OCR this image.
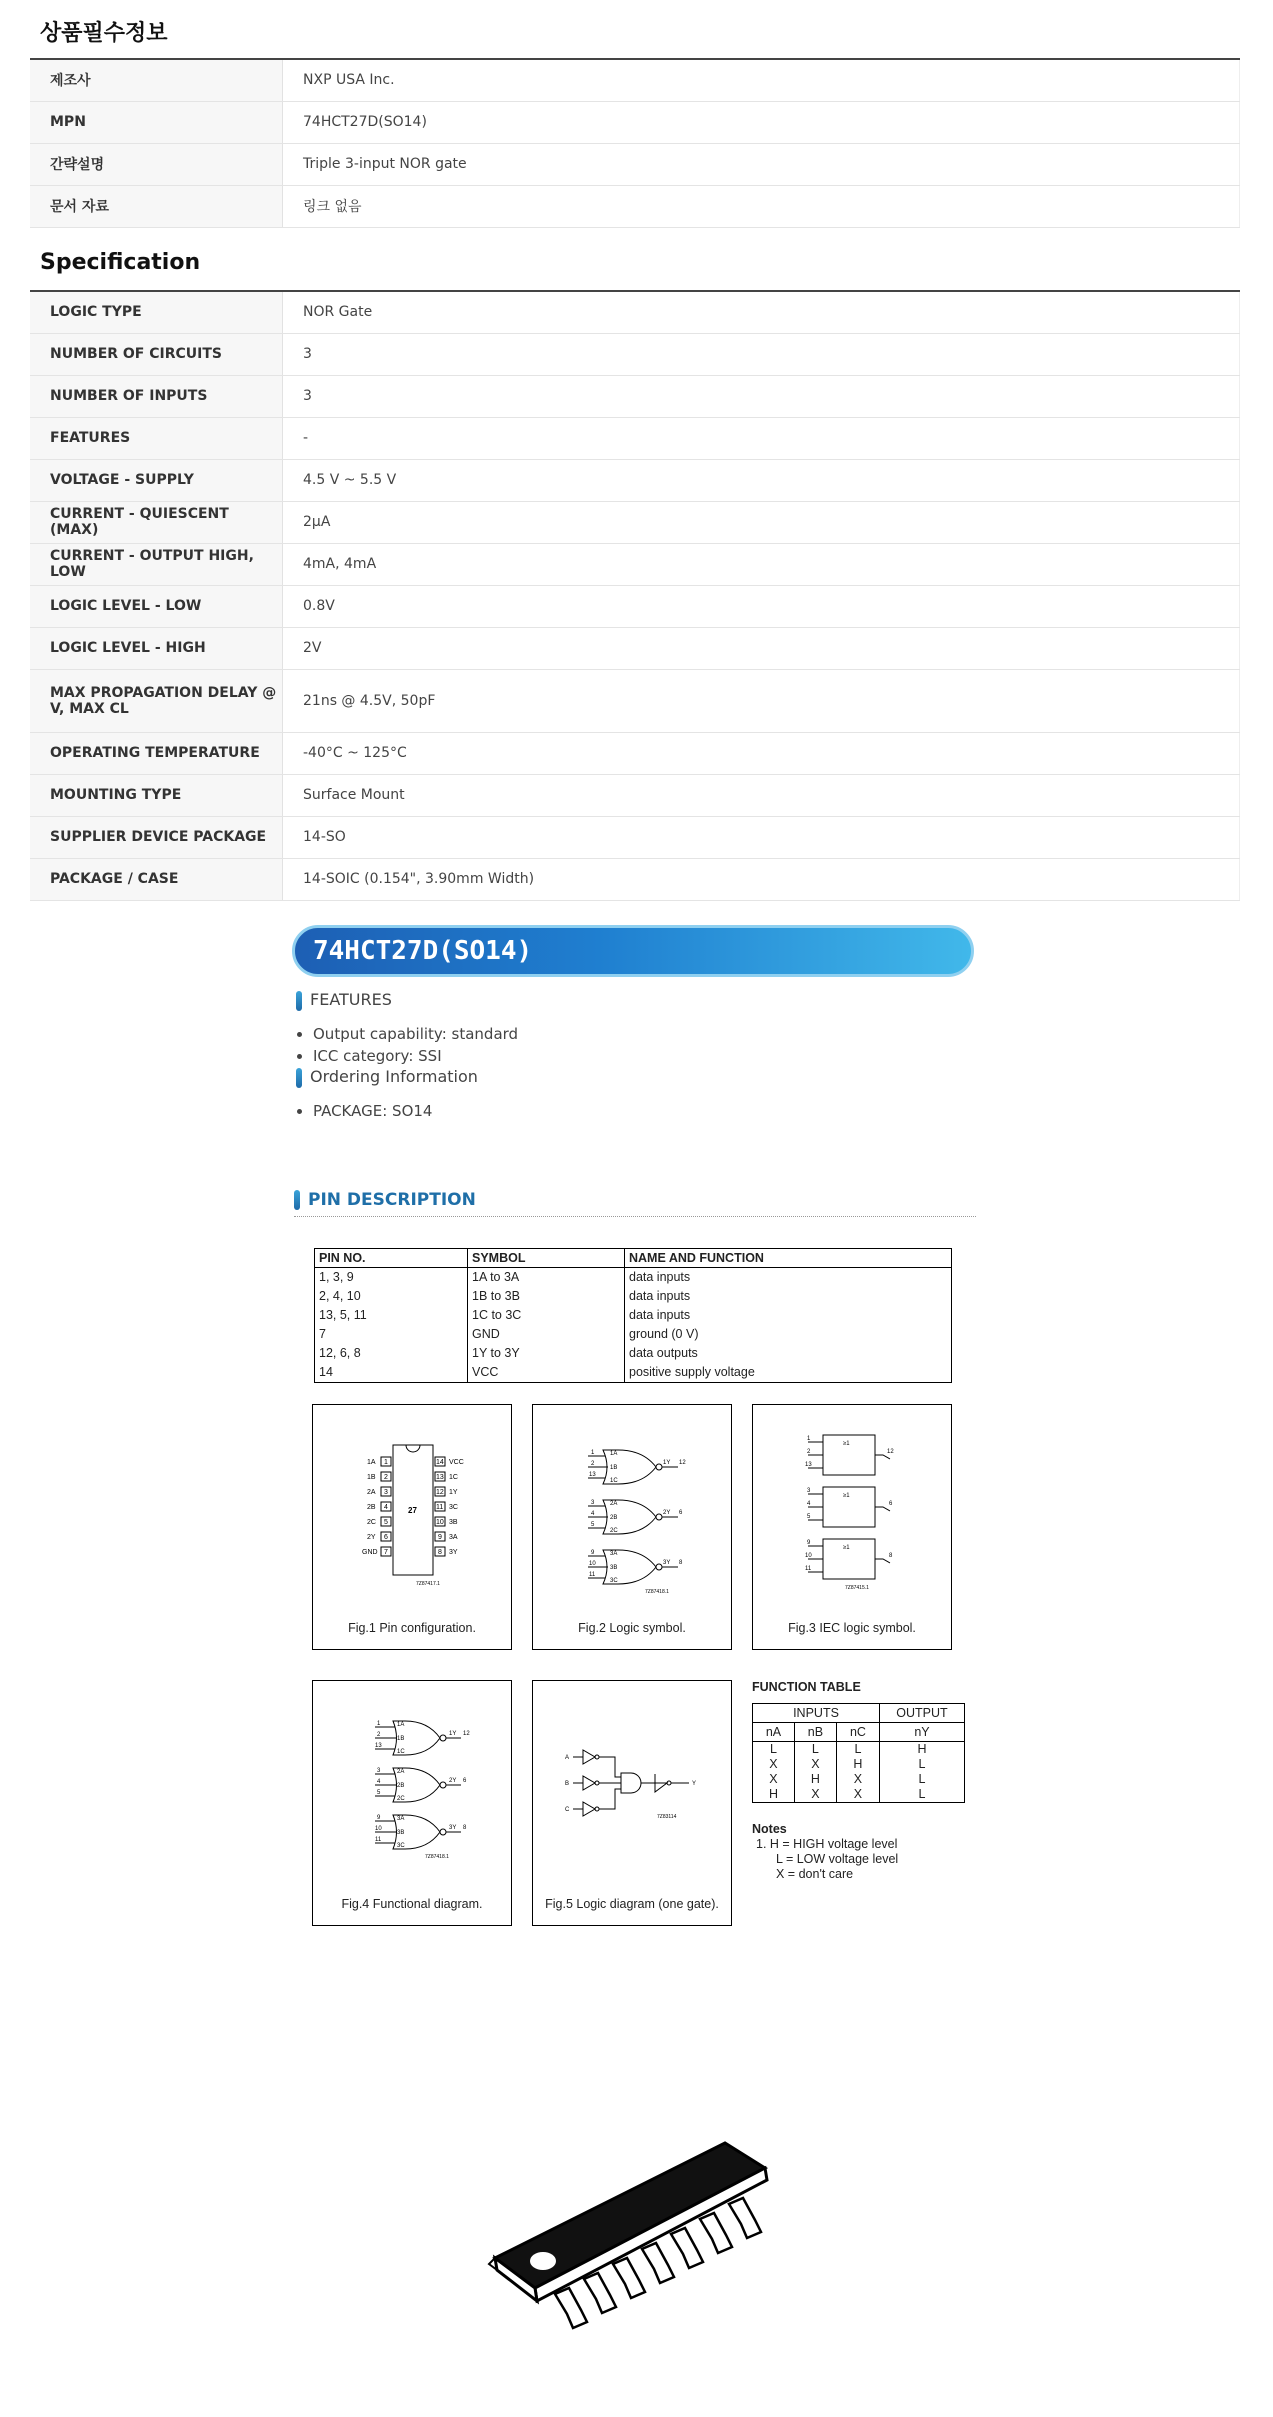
상품필수정보
제조사	NXP USA Inc.
MPN	74HCT27D(SO14)
간략설명	Triple 3-input NOR gate
문서 자료	링크 없음
Specification
LOGIC TYPE	NOR Gate
NUMBER OF CIRCUITS	3
NUMBER OF INPUTS	3
FEATURES	-
VOLTAGE - SUPPLY	4.5 V ~ 5.5 V
CURRENT - QUIESCENT (MAX)	2µA
CURRENT - OUTPUT HIGH, LOW	4mA, 4mA
LOGIC LEVEL - LOW	0.8V
LOGIC LEVEL - HIGH	2V
MAX PROPAGATION DELAY @ V, MAX CL	21ns @ 4.5V, 50pF
OPERATING TEMPERATURE	-40°C ~ 125°C
MOUNTING TYPE	Surface Mount
SUPPLIER DEVICE PACKAGE	14-SO
PACKAGE / CASE	14-SOIC (0.154", 3.90mm Width)
74HCT27D(SO14)
FEATURES
• Output capability: standard
• ICC category: SSI
Ordering Information
• PACKAGE: SO14
PIN DESCRIPTION
PIN NO.	SYMBOL	NAME AND FUNCTION
1, 3, 9	1A to 3A	data inputs
2, 4, 10	1B to 3B	data inputs
13, 5, 11	1C to 3C	data inputs
7	GND	ground (0 V)
12, 6, 8	1Y to 3Y	data outputs
14	VCC	positive supply voltage
1A
1B
2A
2B
2C
2Y
GND
1
2
3
4
5
6
7
14
13
12
11
10
9
8
VCC
1C
1Y
3C
3B
3A
3Y
27
7Z87417.1
Fig.1 Pin configuration.
1
2
13
3
4
5
9
10
11
1A
1B
1C
2A
2B
2C
3A
3B
3C
1Y 12
2Y 6
3Y 8
7Z87418.1
Fig.2 Logic symbol.
1
2
13
3
4
5
9
10
11
≥1
≥1
≥1
12
6
8
7Z87415.1
Fig.3 IEC logic symbol.
1
2
13
3
4
5
9
10
11
1A
1B
1C
2A
2B
2C
3A
3B
3C
1Y 12
2Y 6
3Y 8
7Z87418.1
Fig.4 Functional diagram.
A
B
C
Y
7Z83114
Fig.5 Logic diagram (one gate).
FUNCTION TABLE
INPUTS			OUTPUT
nA	nB	nC	nY
L	L	L	H
X	X	H	L
X	H	X	L
H	X	X	L
Notes
1. H = HIGH voltage level
L = LOW voltage level
X = don't care
